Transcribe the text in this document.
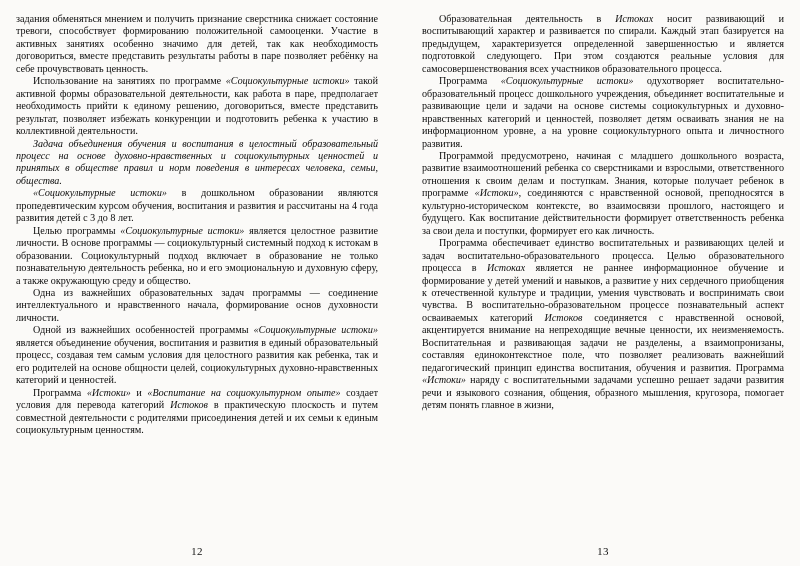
задания обменяться мнением и получить признание сверстника снижает состояние тревоги, способствует формированию положительной самооценки. Участие в активных занятиях особенно значимо для детей, так как необходимость договориться, вместе представить результаты работы в паре позволяет ребёнку на себе прочувствовать ценность.

Использование на занятиях по программе «Социокультурные истоки» такой активной формы образовательной деятельности, как работа в паре, предполагает необходимость прийти к единому решению, договориться, вместе представить результат, позволяет избежать конкуренции и подготовить ребенка к участию в коллективной деятельности.

Задача объединения обучения и воспитания в целостный образовательный процесс на основе духовно-нравственных и социокультурных ценностей и принятых в обществе правил и норм поведения в интересах человека, семьи, общества.

«Социокультурные истоки» в дошкольном образовании являются пропедевтическим курсом обучения, воспитания и развития и рассчитаны на 4 года развития детей с 3 до 8 лет.

Целью программы «Социокультурные истоки» является целостное развитие личности. В основе программы — социокультурный системный подход к истокам в образовании. Социокультурный подход включает в образование не только познавательную деятельность ребенка, но и его эмоциональную и духовную сферу, а также окружающую среду и общество.

Одна из важнейших образовательных задач программы — соединение интеллектуального и нравственного начала, формирование основ духовности личности.

Одной из важнейших особенностей программы «Социокультурные истоки» является объединение обучения, воспитания и развития в единый образовательный процесс, создавая тем самым условия для целостного развития как ребенка, так и его родителей на основе общности целей, социокультурных духовно-нравственных категорий и ценностей.

Программа «Истоки» и «Воспитание на социокультурном опыте» создает условия для перевода категорий Истоков в практическую плоскость и путем совместной деятельности с родителями присоединения детей и их семьи к единым социокультурным ценностям.

12

Образовательная деятельность в Истоках носит развивающий и воспитывающий характер и развивается по спирали. Каждый этап базируется на предыдущем, характеризуется определенной завершенностью и является подготовкой следующего. При этом создаются реальные условия для самосовершенствования всех участников образовательного процесса.

Программа «Социокультурные истоки» одухотворяет воспитательно-образовательный процесс дошкольного учреждения, объединяет воспитательные и развивающие цели и задачи на основе системы социокультурных и духовно-нравственных категорий и ценностей, позволяет детям осваивать знания не на информационном уровне, а на уровне социокультурного опыта и личностного развития.

Программой предусмотрено, начиная с младшего дошкольного возраста, развитие взаимоотношений ребенка со сверстниками и взрослыми, ответственного отношения к своим делам и поступкам. Знания, которые получает ребенок в программе «Истоки», соединяются с нравственной основой, преподносятся в культурно-историческом контексте, во взаимосвязи прошлого, настоящего и будущего. Как воспитание действительности формирует ответственность ребенка за свои дела и поступки, формирует его как личность.

Программа обеспечивает единство воспитательных и развивающих целей и задач воспитательно-образовательного процесса. Целью образовательного процесса в Истоках является не раннее информационное обучение и формирование у детей умений и навыков, а развитие у них сердечного приобщения к отечественной культуре и традиции, умения чувствовать и воспринимать свои чувства. В воспитательно-образовательном процессе познавательный аспект осваиваемых категорий Истоков соединяется с нравственной основой, акцентируется внимание на непреходящие вечные ценности, их неизменяемость. Воспитательная и развивающая задачи не разделены, а взаимопронизаны, составляя единоконтекстное поле, что позволяет реализовать важнейший педагогический принцип единства воспитания, обучения и развития. Программа «Истоки» наряду с воспитательными задачами успешно решает задачи развития речи и языкового сознания, общения, образного мышления, кругозора, помогает детям понять главное в жизни,

13
